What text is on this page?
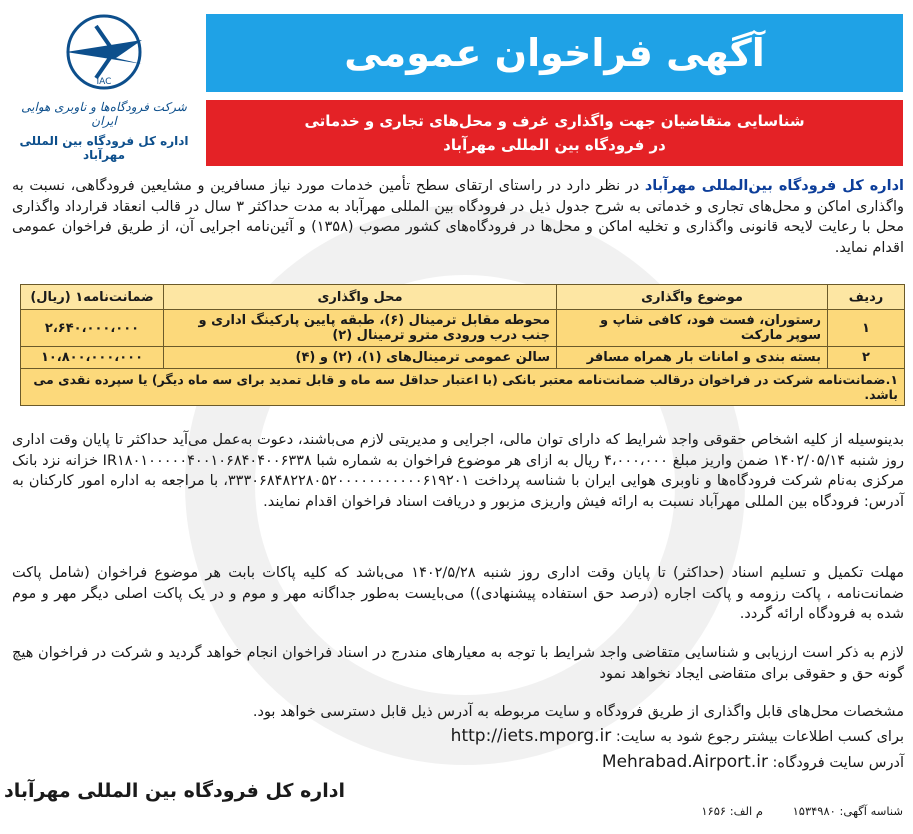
آگهی فراخوان عمومی
شناسایی متقاضیان جهت واگذاری غرف و محل‌های تجاری و خدماتی
در فرودگاه بین المللی مهرآباد
IAC
شرکت فرودگاه‌ها و ناوبری هوایی ایران
اداره کل فرودگاه بین المللی مهرآباد
اداره کل فرودگاه بین‌المللی مهرآباد در نظر دارد در راستای ارتقای سطح تأمین خدمات مورد نیاز مسافرین و مشایعین فرودگاهی، نسبت به واگذاری اماکن و محل‌های تجاری و خدماتی به شرح جدول ذیل در فرودگاه بین المللی مهرآباد به مدت حداکثر ۳ سال در قالب انعقاد قرارداد واگذاری محل با رعایت لایحه قانونی واگذاری و تخلیه اماکن و محل‌ها در فرودگاه‌های کشور مصوب (۱۳۵۸) و آئین‌نامه اجرایی آن، از طریق فراخوان عمومی اقدام نماید.
ردیف	موضوع واگذاری	محل واگذاری	ضمانت‌نامه۱ (ریال)
۱	رستوران، فست فود، کافی شاپ و سوپر مارکت	محوطه مقابل ترمینال (۶)، طبقه پایین پارکینگ اداری و جنب درب ورودی مترو ترمینال (۲)	۲،۶۴۰،۰۰۰،۰۰۰
۲	بسته بندی و امانات بار همراه مسافر	سالن عمومی ترمینال‌های (۱)، (۲) و (۴)	۱۰،۸۰۰،۰۰۰،۰۰۰
۱.ضمانت‌نامه شرکت در فراخوان درقالب ضمانت‌نامه معتبر بانکی (با اعتبار حداقل سه ماه و قابل تمدید برای سه ماه دیگر) یا سپرده نقدی می باشد.			
بدینوسیله از کلیه اشخاص حقوقی واجد شرایط که دارای توان مالی، اجرایی و مدیریتی لازم می‌باشند، دعوت به‌عمل می‌آید حداکثر تا پایان وقت اداری روز شنبه ۱۴۰۲/۰۵/۱۴ ضمن واریز مبلغ ۴،۰۰۰،۰۰۰ ریال به ازای هر موضوع فراخوان به شماره شبا IR۱۸۰۱۰۰۰۰۰۴۰۰۱۰۶۸۴۰۴۰۰۶۳۳۸ خزانه نزد بانک مرکزی به‌نام شرکت فرودگاه‌ها و ناوبری هوایی ایران با شناسه پرداخت ۳۳۳۰۶۸۴۸۲۲۸۰۵۲۰۰۰۰۰۰۰۰۰۰۰۶۱۹۲۰۱، با مراجعه به اداره امور کارکنان به آدرس: فرودگاه بین المللی مهرآباد نسبت به ارائه فیش واریزی مزبور و دریافت اسناد فراخوان اقدام نمایند.
مهلت تکمیل و تسلیم اسناد (حداکثر) تا پایان وقت اداری روز شنبه ۱۴۰۲/۵/۲۸ می‌باشد که کلیه پاکات بابت هر موضوع فراخوان (شامل پاکت ضمانت‌نامه ، پاکت رزومه و پاکت اجاره (درصد حق استفاده پیشنهادی)) می‌بایست به‌طور جداگانه مهر و موم و در یک پاکت اصلی دیگر مهر و موم شده به فرودگاه ارائه گردد.
لازم به ذکر است ارزیابی و شناسایی متقاضی واجد شرایط با توجه به معیارهای مندرج در اسناد فراخوان انجام خواهد گردید و شرکت در فراخوان هیچ گونه حق و حقوقی برای متقاضی ایجاد نخواهد نمود
مشخصات محل‌های قابل واگذاری از طریق فرودگاه و سایت مربوطه به آدرس ذیل قابل دسترسی خواهد بود.
برای کسب اطلاعات بیشتر رجوع شود به سایت: http://iets.mporg.ir
آدرس سایت فرودگاه: Mehrabad.Airport.ir
اداره کل فرودگاه بین المللی مهرآباد
شناسه آگهی: ۱۵۳۴۹۸۰
م الف: ۱۶۵۶
